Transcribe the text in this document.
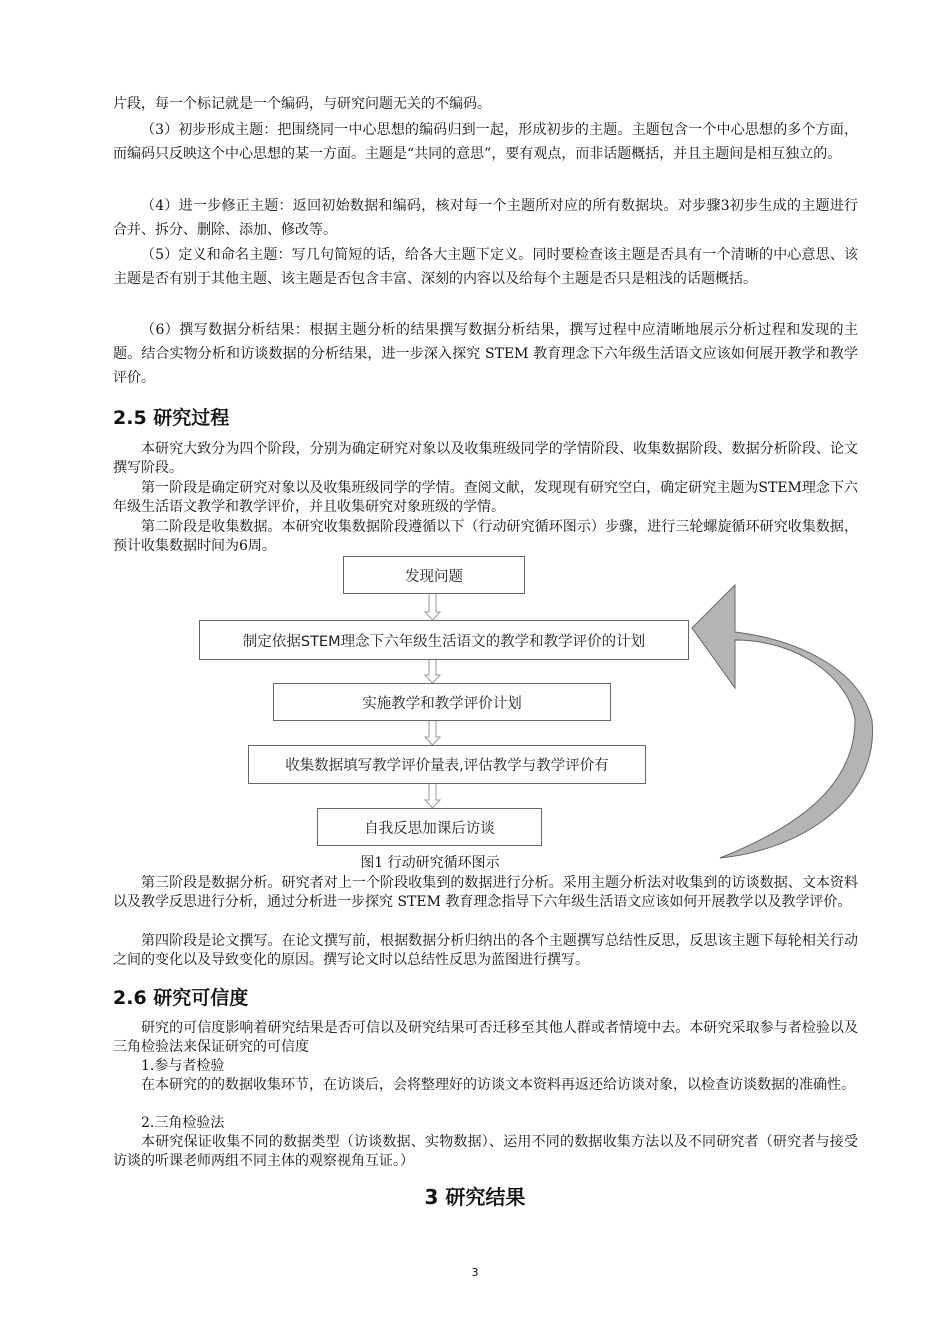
片段，每一个标记就是一个编码，与研究问题无关的不编码。

（3）初步形成主题：把围绕同一中心思想的编码归到一起，形成初步的主题。主题包含一个中心思想的多个方面，而编码只反映这个中心思想的某一方面。主题是“共同的意思”，要有观点，而非话题概括，并且主题间是相互独立的。

（4）进一步修正主题：返回初始数据和编码，核对每一个主题所对应的所有数据块。对步骤3初步生成的主题进行合并、拆分、删除、添加、修改等。

（5）定义和命名主题：写几句简短的话，给各大主题下定义。同时要检查该主题是否具有一个清晰的中心意思、该主题是否有别于其他主题、该主题是否包含丰富、深刻的内容以及给每个主题是否只是粗浅的话题概括。

（6）撰写数据分析结果：根据主题分析的结果撰写数据分析结果，撰写过程中应清晰地展示分析过程和发现的主题。结合实物分析和访谈数据的分析结果，进一步深入探究 STEM 教育理念下六年级生活语文应该如何展开教学和教学评价。

2.5 研究过程

本研究大致分为四个阶段，分别为确定研究对象以及收集班级同学的学情阶段、收集数据阶段、数据分析阶段、论文撰写阶段。

第一阶段是确定研究对象以及收集班级同学的学情。查阅文献，发现现有研究空白，确定研究主题为STEM理念下六年级生活语文教学和教学评价，并且收集研究对象班级的学情。

第二阶段是收集数据。本研究收集数据阶段遵循以下（行动研究循环图示）步骤，进行三轮螺旋循环研究收集数据，预计收集数据时间为6周。

发现问题
制定依据STEM理念下六年级生活语文的教学和教学评价的计划
实施教学和教学评价计划
收集数据填写教学评价量表,评估教学与教学评价有
自我反思加课后访谈

图1 行动研究循环图示

第三阶段是数据分析。研究者对上一个阶段收集到的数据进行分析。采用主题分析法对收集到的访谈数据、文本资料以及教学反思进行分析，通过分析进一步探究 STEM 教育理念指导下六年级生活语文应该如何开展教学以及教学评价。

第四阶段是论文撰写。在论文撰写前，根据数据分析归纳出的各个主题撰写总结性反思，反思该主题下每轮相关行动之间的变化以及导致变化的原因。撰写论文时以总结性反思为蓝图进行撰写。

2.6 研究可信度

研究的可信度影响着研究结果是否可信以及研究结果可否迁移至其他人群或者情境中去。本研究采取参与者检验以及三角检验法来保证研究的可信度

1.参与者检验

在本研究的的数据收集环节，在访谈后，会将整理好的访谈文本资料再返还给访谈对象，以检查访谈数据的准确性。

2.三角检验法

本研究保证收集不同的数据类型（访谈数据、实物数据）、运用不同的数据收集方法以及不同研究者（研究者与接受访谈的听课老师两组不同主体的观察视角互证。）

3 研究结果

3
